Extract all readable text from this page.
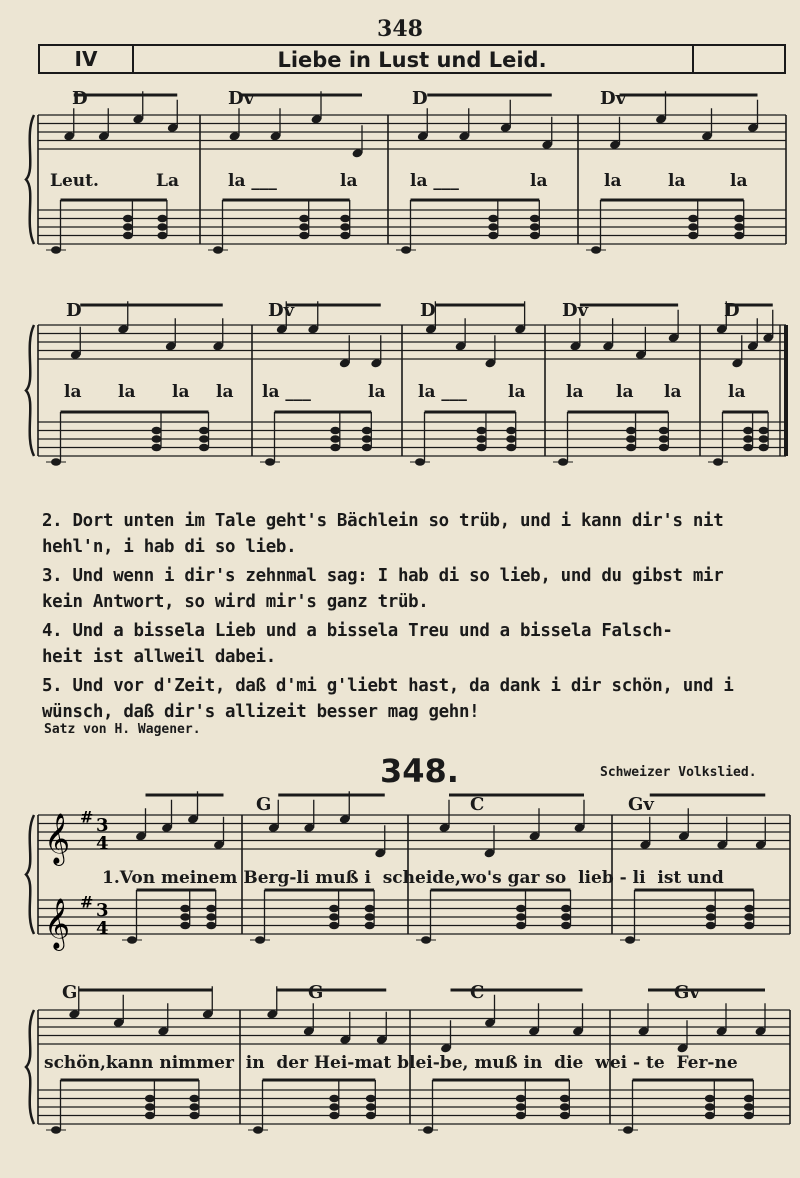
348
IV	Liebe in Lust und Leid.
D	Dv	D	Dv
Leut.	La	la ___	la	la ___	la	la	la	la
D	Dv	D	Dv	D
la la la la la ___	la la ___ la la la la	la
2. Dort unten im Tale geht's Bächlein so trüb, und i kann dir's nit
hehl'n, i hab di so lieb.
3. Und wenn i dir's zehnmal sag: I hab di so lieb, und du gibst mir
kein Antwort, so wird mir's ganz trüb.
4. Und a bissela Lieb und a bissela Treu und a bissela Falsch-
heit ist allweil dabei.
5. Und vor d'Zeit, daß d'mi g'liebt hast, da dank i dir schön, und i
wünsch, daß dir's allizeit besser mag gehn!
Satz von H. Wagener.
348.	Schweizer Volkslied.
𝄞 # 3
4
𝄞 # 3
4
G	C	Gv
1.Von meinem Berg-li muß i  scheide,wo's gar so  lieb - li  ist und
G	G	C	Gv
schön,kann nimmer  in  der Hei-mat blei-be, muß in  die  wei - te  Fer-ne
